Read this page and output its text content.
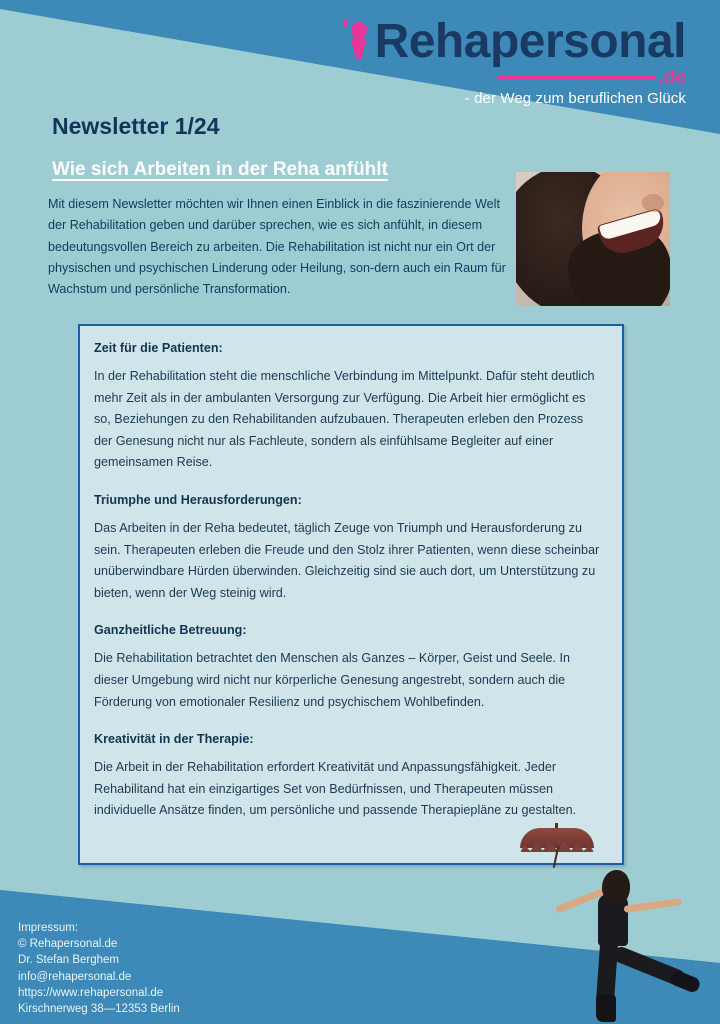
Rehapersonal
.de
- der Weg zum beruflichen Glück
Newsletter 1/24
Wie sich Arbeiten in der Reha anfühlt

Mit diesem Newsletter möchten wir Ihnen einen Einblick in die faszinierende Welt der Rehabilitation geben und darüber sprechen, wie es sich anfühlt, in diesem bedeutungsvollen Bereich zu arbeiten. Die Rehabilitation ist nicht nur ein Ort der physischen und psychischen Linderung oder Heilung, son-dern auch ein Raum für Wachstum und persönliche Transformation.

Zeit für die Patienten:

In der Rehabilitation steht die menschliche Verbindung im Mittelpunkt. Dafür steht deutlich mehr Zeit als in der ambulanten Versorgung zur Verfügung. Die Arbeit hier ermöglicht es so, Beziehungen zu den Rehabilitanden aufzubauen. Therapeuten erleben den Prozess der Genesung nicht nur als Fachleute, sondern als einfühlsame Begleiter auf einer gemeinsamen Reise.

Triumphe und Herausforderungen:

Das Arbeiten in der Reha bedeutet, täglich Zeuge von Triumph und Herausforderung zu sein. Therapeuten erleben die Freude und den Stolz ihrer Patienten, wenn diese scheinbar unüberwindbare Hürden überwinden. Gleichzeitig sind sie auch dort, um Unterstützung zu bieten, wenn der Weg steinig wird.

Ganzheitliche Betreuung:

Die Rehabilitation betrachtet den Menschen als Ganzes – Körper, Geist und Seele. In dieser Umgebung wird nicht nur körperliche Genesung angestrebt, sondern auch die Förderung von emotionaler Resilienz und psychischem Wohlbefinden.

Kreativität in der Therapie:

Die Arbeit in der Rehabilitation erfordert Kreativität und Anpassungsfähigkeit. Jeder Rehabilitand hat ein einzigartiges Set von Bedürfnissen, und Therapeuten müssen individuelle Ansätze finden, um persönliche und passende Therapiepläne zu gestalten.

Impressum:
© Rehapersonal.de
Dr. Stefan Berghem
info@rehapersonal.de
https://www.rehapersonal.de
Kirschnerweg 38—12353 Berlin
